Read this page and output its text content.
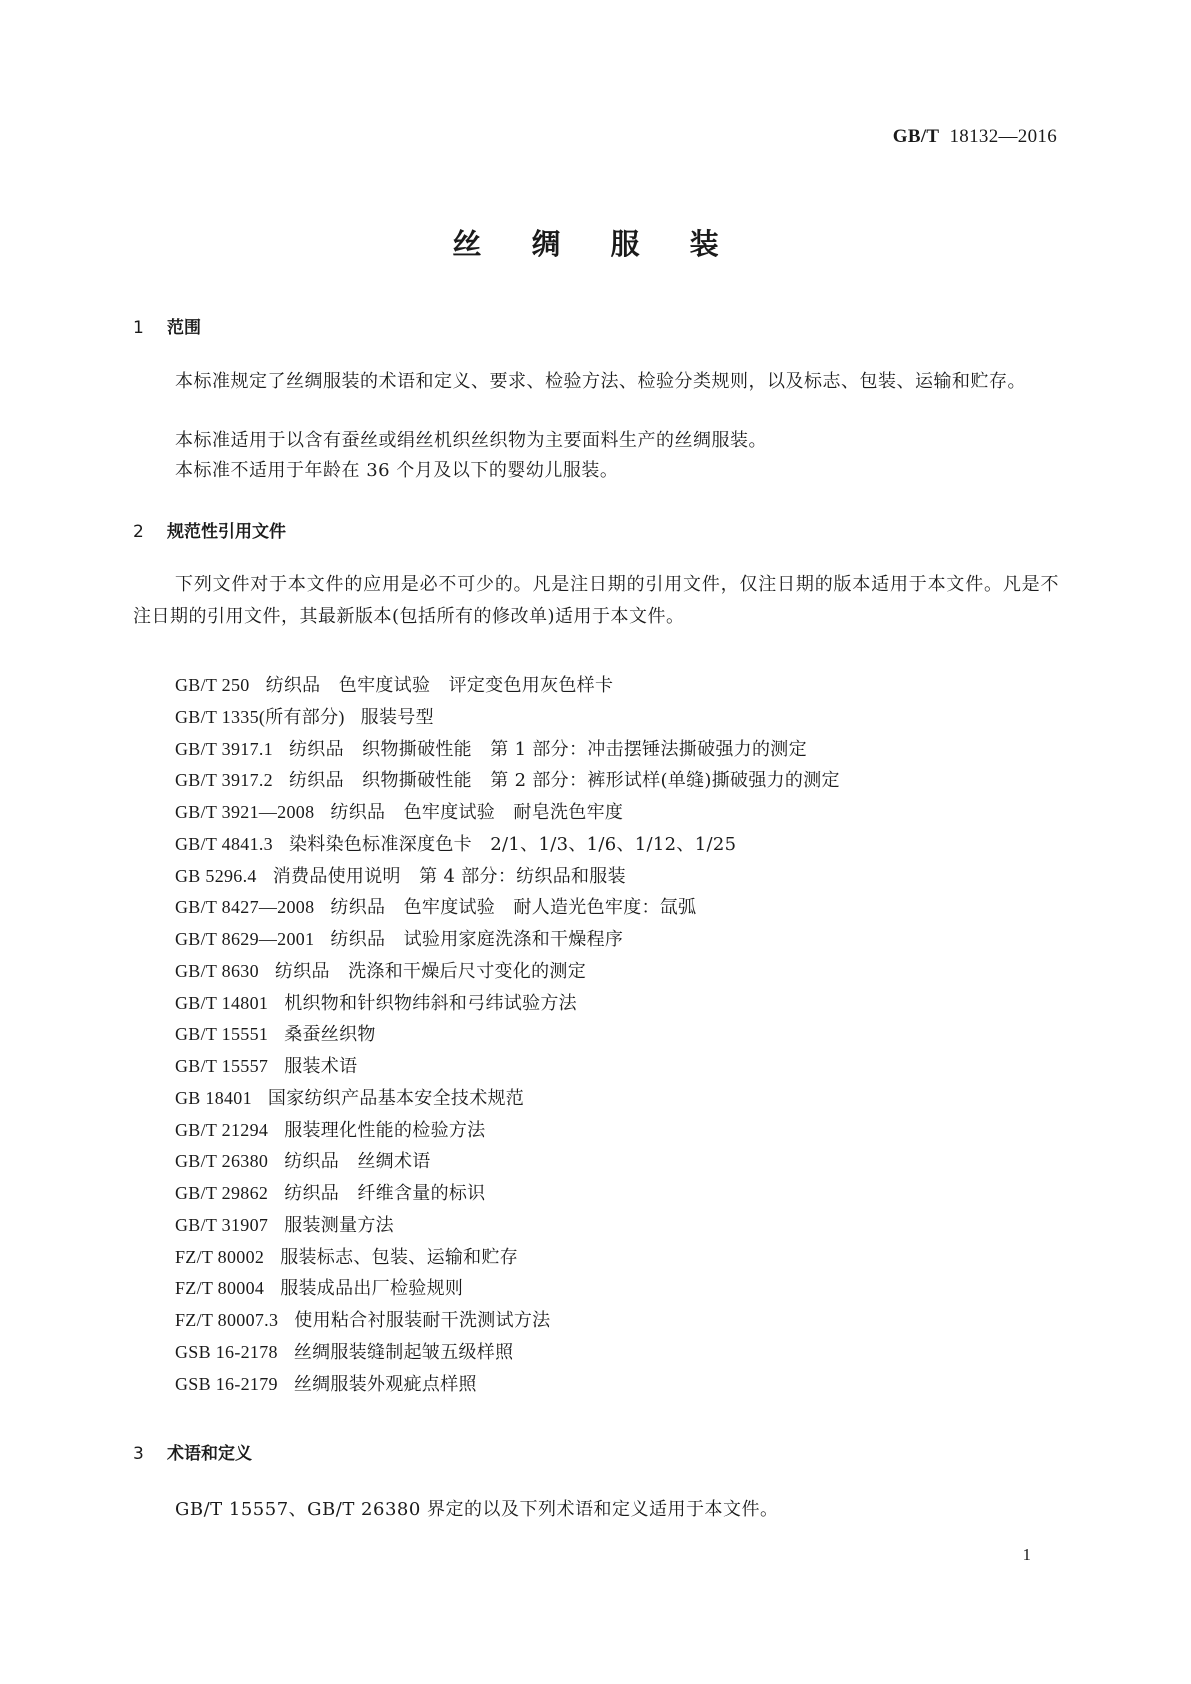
GB/T 18132—2016
丝 绸 服 装
1 范围
本标准规定了丝绸服装的术语和定义、要求、检验方法、检验分类规则，以及标志、包装、运输和贮存。
本标准适用于以含有蚕丝或绢丝机织丝织物为主要面料生产的丝绸服装。
本标准不适用于年龄在 36 个月及以下的婴幼儿服装。
2 规范性引用文件
下列文件对于本文件的应用是必不可少的。凡是注日期的引用文件，仅注日期的版本适用于本文件。凡是不注日期的引用文件，其最新版本(包括所有的修改单)适用于本文件。
GB/T 250 纺织品　色牢度试验　评定变色用灰色样卡
GB/T 1335(所有部分) 服装号型
GB/T 3917.1 纺织品　织物撕破性能　第 1 部分：冲击摆锤法撕破强力的测定
GB/T 3917.2 纺织品　织物撕破性能　第 2 部分：裤形试样(单缝)撕破强力的测定
GB/T 3921—2008 纺织品　色牢度试验　耐皂洗色牢度
GB/T 4841.3 染料染色标准深度色卡　2/1、1/3、1/6、1/12、1/25
GB 5296.4 消费品使用说明　第 4 部分：纺织品和服装
GB/T 8427—2008 纺织品　色牢度试验　耐人造光色牢度：氙弧
GB/T 8629—2001 纺织品　试验用家庭洗涤和干燥程序
GB/T 8630 纺织品　洗涤和干燥后尺寸变化的测定
GB/T 14801 机织物和针织物纬斜和弓纬试验方法
GB/T 15551 桑蚕丝织物
GB/T 15557 服装术语
GB 18401 国家纺织产品基本安全技术规范
GB/T 21294 服装理化性能的检验方法
GB/T 26380 纺织品　丝绸术语
GB/T 29862 纺织品　纤维含量的标识
GB/T 31907 服装测量方法
FZ/T 80002 服装标志、包装、运输和贮存
FZ/T 80004 服装成品出厂检验规则
FZ/T 80007.3 使用粘合衬服装耐干洗测试方法
GSB 16-2178 丝绸服装缝制起皱五级样照
GSB 16-2179 丝绸服装外观疵点样照
3 术语和定义
GB/T 15557、GB/T 26380 界定的以及下列术语和定义适用于本文件。
1
